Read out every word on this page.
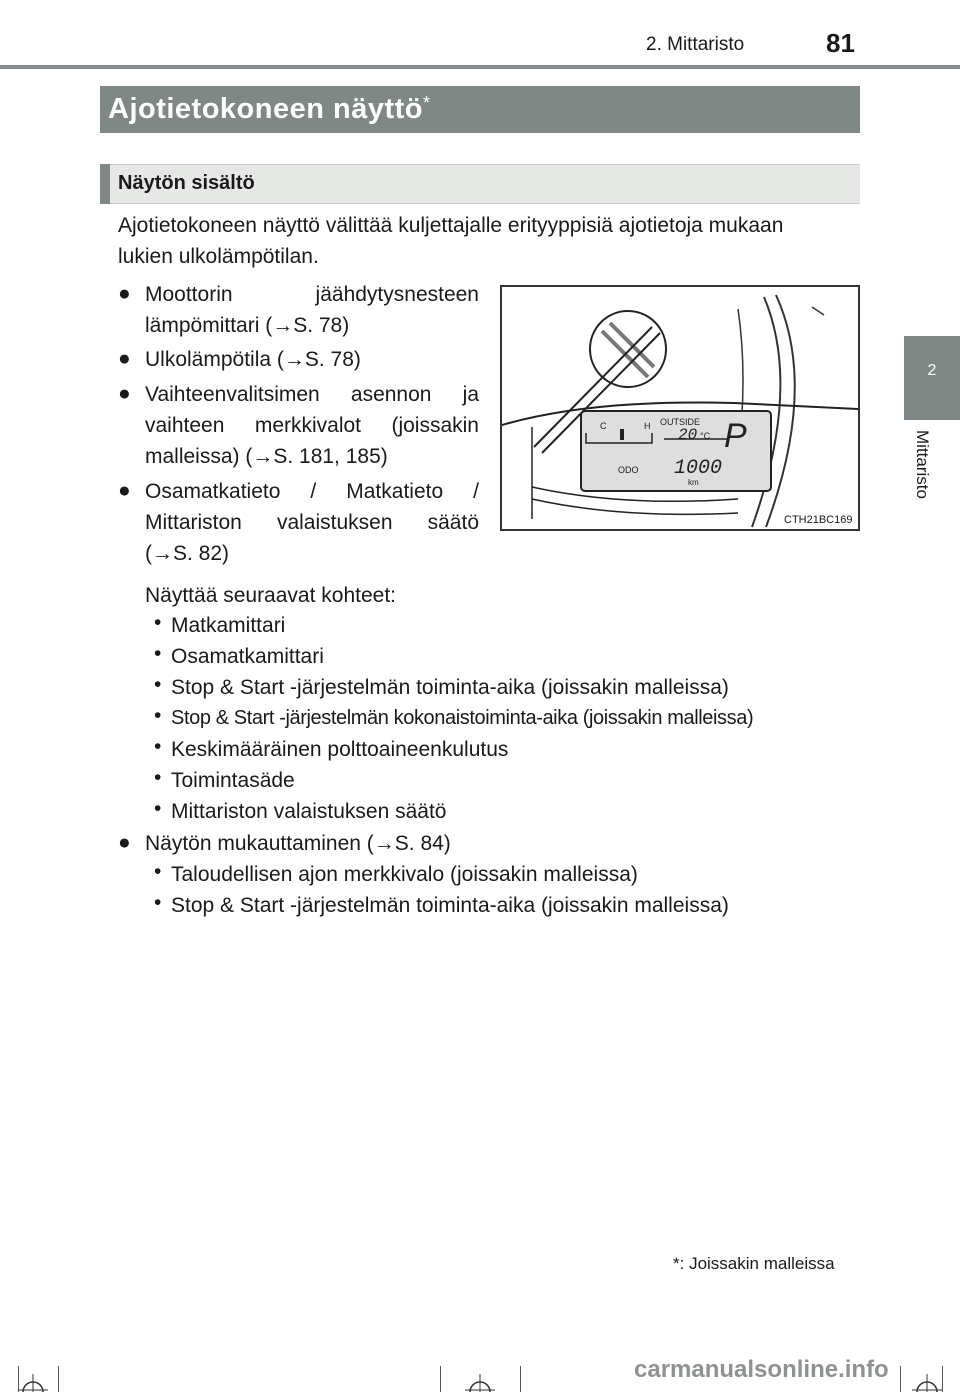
2. Mittaristo	81
2
Mittaristo
Ajotietokoneen näyttö*
Näytön sisältö
Ajotietokoneen näyttö välittää kuljettajalle erityyppisiä ajotietoja mukaan
lukien ulkolämpötilan.
● Moottorin jäähdytysnesteen
lämpömittari (→S. 78)
● Ulkolämpötila (→S. 78)
● Vaihteenvalitsimen asennon ja
vaihteen merkkivalot (joissakin
malleissa) (→S. 181, 185)
● Osamatkatieto / Matkatieto /
Mittariston valaistuksen säätö
(→S. 82)
Näyttää seuraavat kohteet:
• Matkamittari
• Osamatkamittari
• Stop & Start -järjestelmän toiminta-aika (joissakin malleissa)
• Stop & Start -järjestelmän kokonaistoiminta-aika (joissakin malleissa)
• Keskimääräinen polttoaineenkulutus
• Toimintasäde
• Mittariston valaistuksen säätö
● Näytön mukauttaminen (→S. 84)
• Taloudellisen ajon merkkivalo (joissakin malleissa)
• Stop & Start -järjestelmän toiminta-aika (joissakin malleissa)
C	H OUTSIDE
20 °C P
ODO 1000
km
CTH21BC169
*: Joissakin malleissa
carmanualsonline.info
